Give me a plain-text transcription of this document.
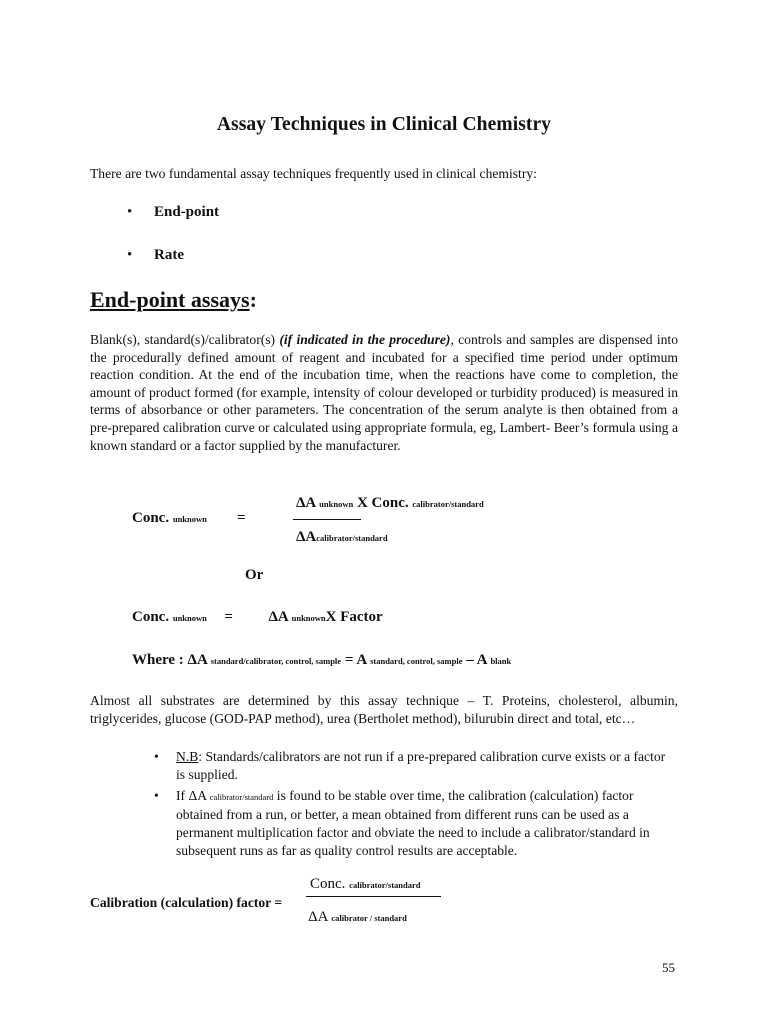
Assay Techniques in Clinical Chemistry
There are two fundamental assay techniques frequently used in clinical chemistry:
End-point
Rate
End-point assays:

Blank(s), standard(s)/calibrator(s) (if indicated in the procedure), controls and samples are dispensed into the procedurally defined amount of reagent and incubated for a specified time period under optimum reaction condition. At the end of the incubation time, when the reactions have come to completion, the amount of product formed (for example, intensity of colour developed or turbidity produced) is measured in terms of absorbance or other parameters. The concentration of the serum analyte is then obtained from a pre-prepared calibration curve or calculated using appropriate formula, eg, Lambert- Beer’s formula using a known standard or a factor supplied by the manufacturer.

Conc. unknown =
ΔA unknown X Conc. calibrator/standard
ΔAcalibrator/standard
Or
Conc. unknown = ΔA unknownX Factor
Where : ΔA standard/calibrator, control, sample = A standard, control, sample – A blank

Almost all substrates are determined by this assay technique – T. Proteins, cholesterol, albumin, triglycerides, glucose (GOD-PAP method), urea (Bertholet method), bilurubin direct and total, etc…

• N.B: Standards/calibrators are not run if a pre-prepared calibration curve exists or a factor is supplied.
• If ΔA calibrator/standard is found to be stable over time, the calibration (calculation) factor obtained from a run, or better, a mean obtained from different runs can be used as a permanent multiplication factor and obviate the need to include a calibrator/standard in subsequent runs as far as quality control results are acceptable.
Calibration (calculation) factor =
Conc. calibrator/standard
ΔA calibrator / standard
55
